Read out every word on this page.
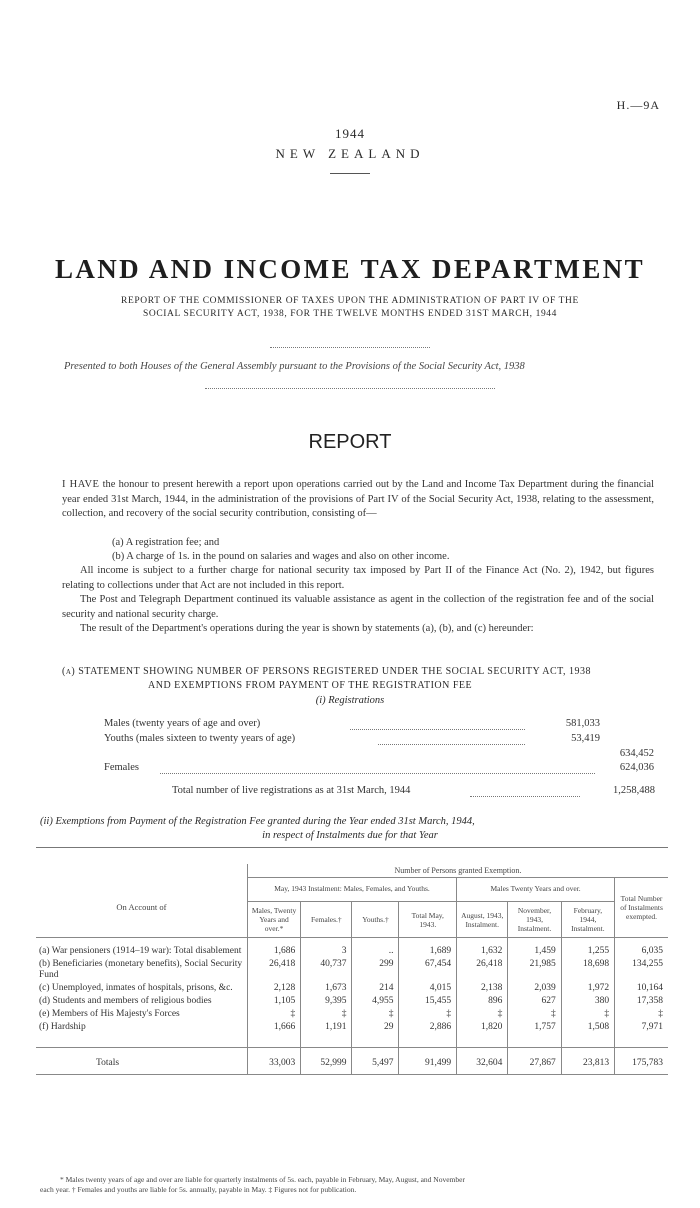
H.—9A
1944
NEW ZEALAND
LAND AND INCOME TAX DEPARTMENT
REPORT OF THE COMMISSIONER OF TAXES UPON THE ADMINISTRATION OF PART IV OF THE
SOCIAL SECURITY ACT, 1938, FOR THE TWELVE MONTHS ENDED 31ST MARCH, 1944
Presented to both Houses of the General Assembly pursuant to the Provisions of the Social Security Act, 1938
REPORT
I HAVE the honour to present herewith a report upon operations carried out by the Land and Income Tax Department during the financial year ended 31st March, 1944, in the administration of the provisions of Part IV of the Social Security Act, 1938, relating to the assessment, collection, and recovery of the social security contribution, consisting of—
(a) A registration fee; and
(b) A charge of 1s. in the pound on salaries and wages and also on other income.
All income is subject to a further charge for national security tax imposed by Part II of the Finance Act (No. 2), 1942, but figures relating to collections under that Act are not included in this report.
The Post and Telegraph Department continued its valuable assistance as agent in the collection of the registration fee and of the social security and national security charge.
The result of the Department's operations during the year is shown by statements (a), (b), and (c) hereunder:
(a) STATEMENT SHOWING NUMBER OF PERSONS REGISTERED UNDER THE SOCIAL SECURITY ACT, 1938
AND EXEMPTIONS FROM PAYMENT OF THE REGISTRATION FEE
(i) Registrations
Males (twenty years of age and over)	581,033
Youths (males sixteen to twenty years of age)	53,419
634,452
Females	624,036
Total number of live registrations as at 31st March, 1944	1,258,488
(ii) Exemptions from Payment of the Registration Fee granted during the Year ended 31st March, 1944,
in respect of Instalments due for that Year
	Number of Persons granted Exemption.							
On Account of	May, 1943 Instalment: Males, Females, and Youths.				Males Twenty Years and over.			Total Number of Instalments exempted.
	Males, Twenty Years and over.*	Females.†	Youths.†	Total May, 1943.	August, 1943, Instalment.	November, 1943, Instalment.	February, 1944, Instalment.	
(a) War pensioners (1914–19 war): Total disablement	1,686	3	..	1,689	1,632	1,459	1,255	6,035
(b) Beneficiaries (monetary benefits), Social Security Fund	26,418	40,737	299	67,454	26,418	21,985	18,698	134,255
(c) Unemployed, inmates of hospitals, prisons, &c.	2,128	1,673	214	4,015	2,138	2,039	1,972	10,164
(d) Students and members of religious bodies	1,105	9,395	4,955	15,455	896	627	380	17,358
(e) Members of His Majesty's Forces	‡	‡	‡	‡	‡	‡	‡	‡
(f) Hardship	1,666	1,191	29	2,886	1,820	1,757	1,508	7,971
Totals	33,003	52,999	5,497	91,499	32,604	27,867	23,813	175,783
* Males twenty years of age and over are liable for quarterly instalments of 5s. each, payable in February, May, August, and November
each year. † Females and youths are liable for 5s. annually, payable in May. ‡ Figures not for publication.
